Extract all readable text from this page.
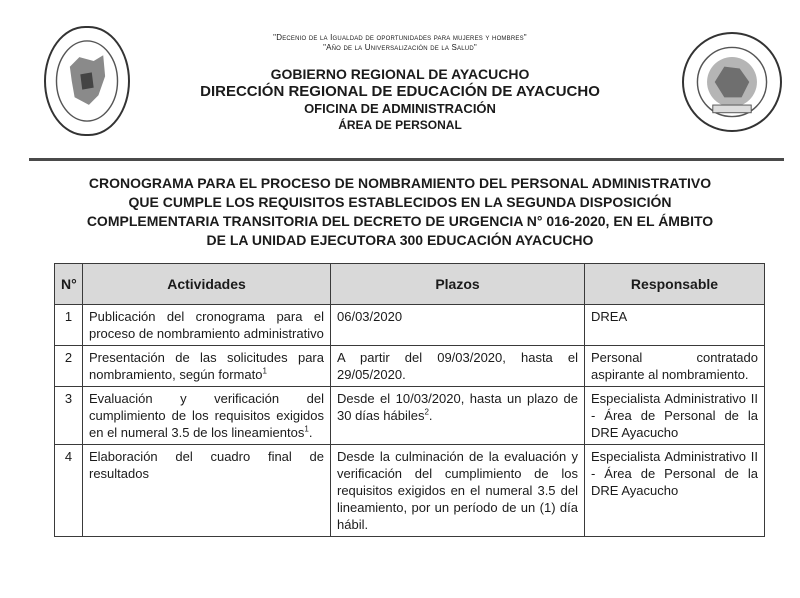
"Decenio de la Igualdad de oportunidades para mujeres y hombres"
"Año de la Universalización de la Salud"
GOBIERNO REGIONAL DE AYACUCHO
DIRECCIÓN REGIONAL DE EDUCACIÓN DE AYACUCHO
OFICINA DE ADMINISTRACIÓN
ÁREA DE PERSONAL
CRONOGRAMA PARA EL PROCESO DE NOMBRAMIENTO DEL PERSONAL ADMINISTRATIVO
QUE CUMPLE LOS REQUISITOS ESTABLECIDOS EN LA SEGUNDA DISPOSICIÓN
COMPLEMENTARIA TRANSITORIA DEL DECRETO DE URGENCIA N° 016-2020, EN EL ÁMBITO
DE LA UNIDAD EJECUTORA 300 EDUCACIÓN AYACUCHO
N°	Actividades	Plazos	Responsable
1	Publicación del cronograma para el proceso de nombramiento administrativo	06/03/2020	DREA
2	Presentación de las solicitudes para nombramiento, según formato$^1$	A partir del 09/03/2020, hasta el 29/05/2020.	Personal contratado aspirante al nombramiento.
3	Evaluación y verificación del cumplimiento de los requisitos exigidos en el numeral 3.5 de los lineamientos$^1$.	Desde el 10/03/2020, hasta un plazo de 30 días hábiles$^2$.	Especialista Administrativo II - Área de Personal de la DRE Ayacucho
4	Elaboración del cuadro final de resultados	Desde la culminación de la evaluación y verificación del cumplimiento de los requisitos exigidos en el numeral 3.5 del lineamiento, por un período de un (1) día hábil.	Especialista Administrativo II - Área de Personal de la DRE Ayacucho
